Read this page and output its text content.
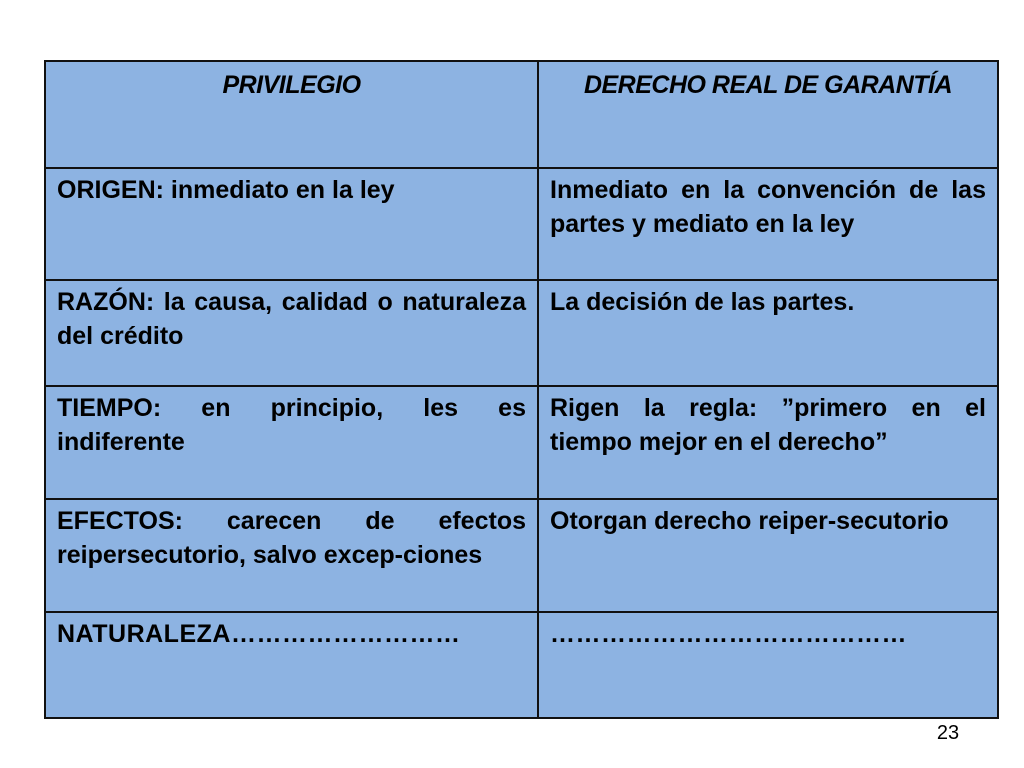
PRIVILEGIO	DERECHO REAL DE GARANTÍA
ORIGEN: inmediato en la ley	Inmediato en la convención de las partes y mediato en la ley
RAZÓN: la causa, calidad o naturaleza del crédito	La decisión de las partes.
TIEMPO: en principio, les es indiferente	Rigen la regla: ”primero en el tiempo mejor en el derecho”
EFECTOS: carecen de efectos reipersecutorio, salvo excep-ciones	Otorgan derecho reiper-secutorio
NATURALEZA………………………	……………………………………
23
